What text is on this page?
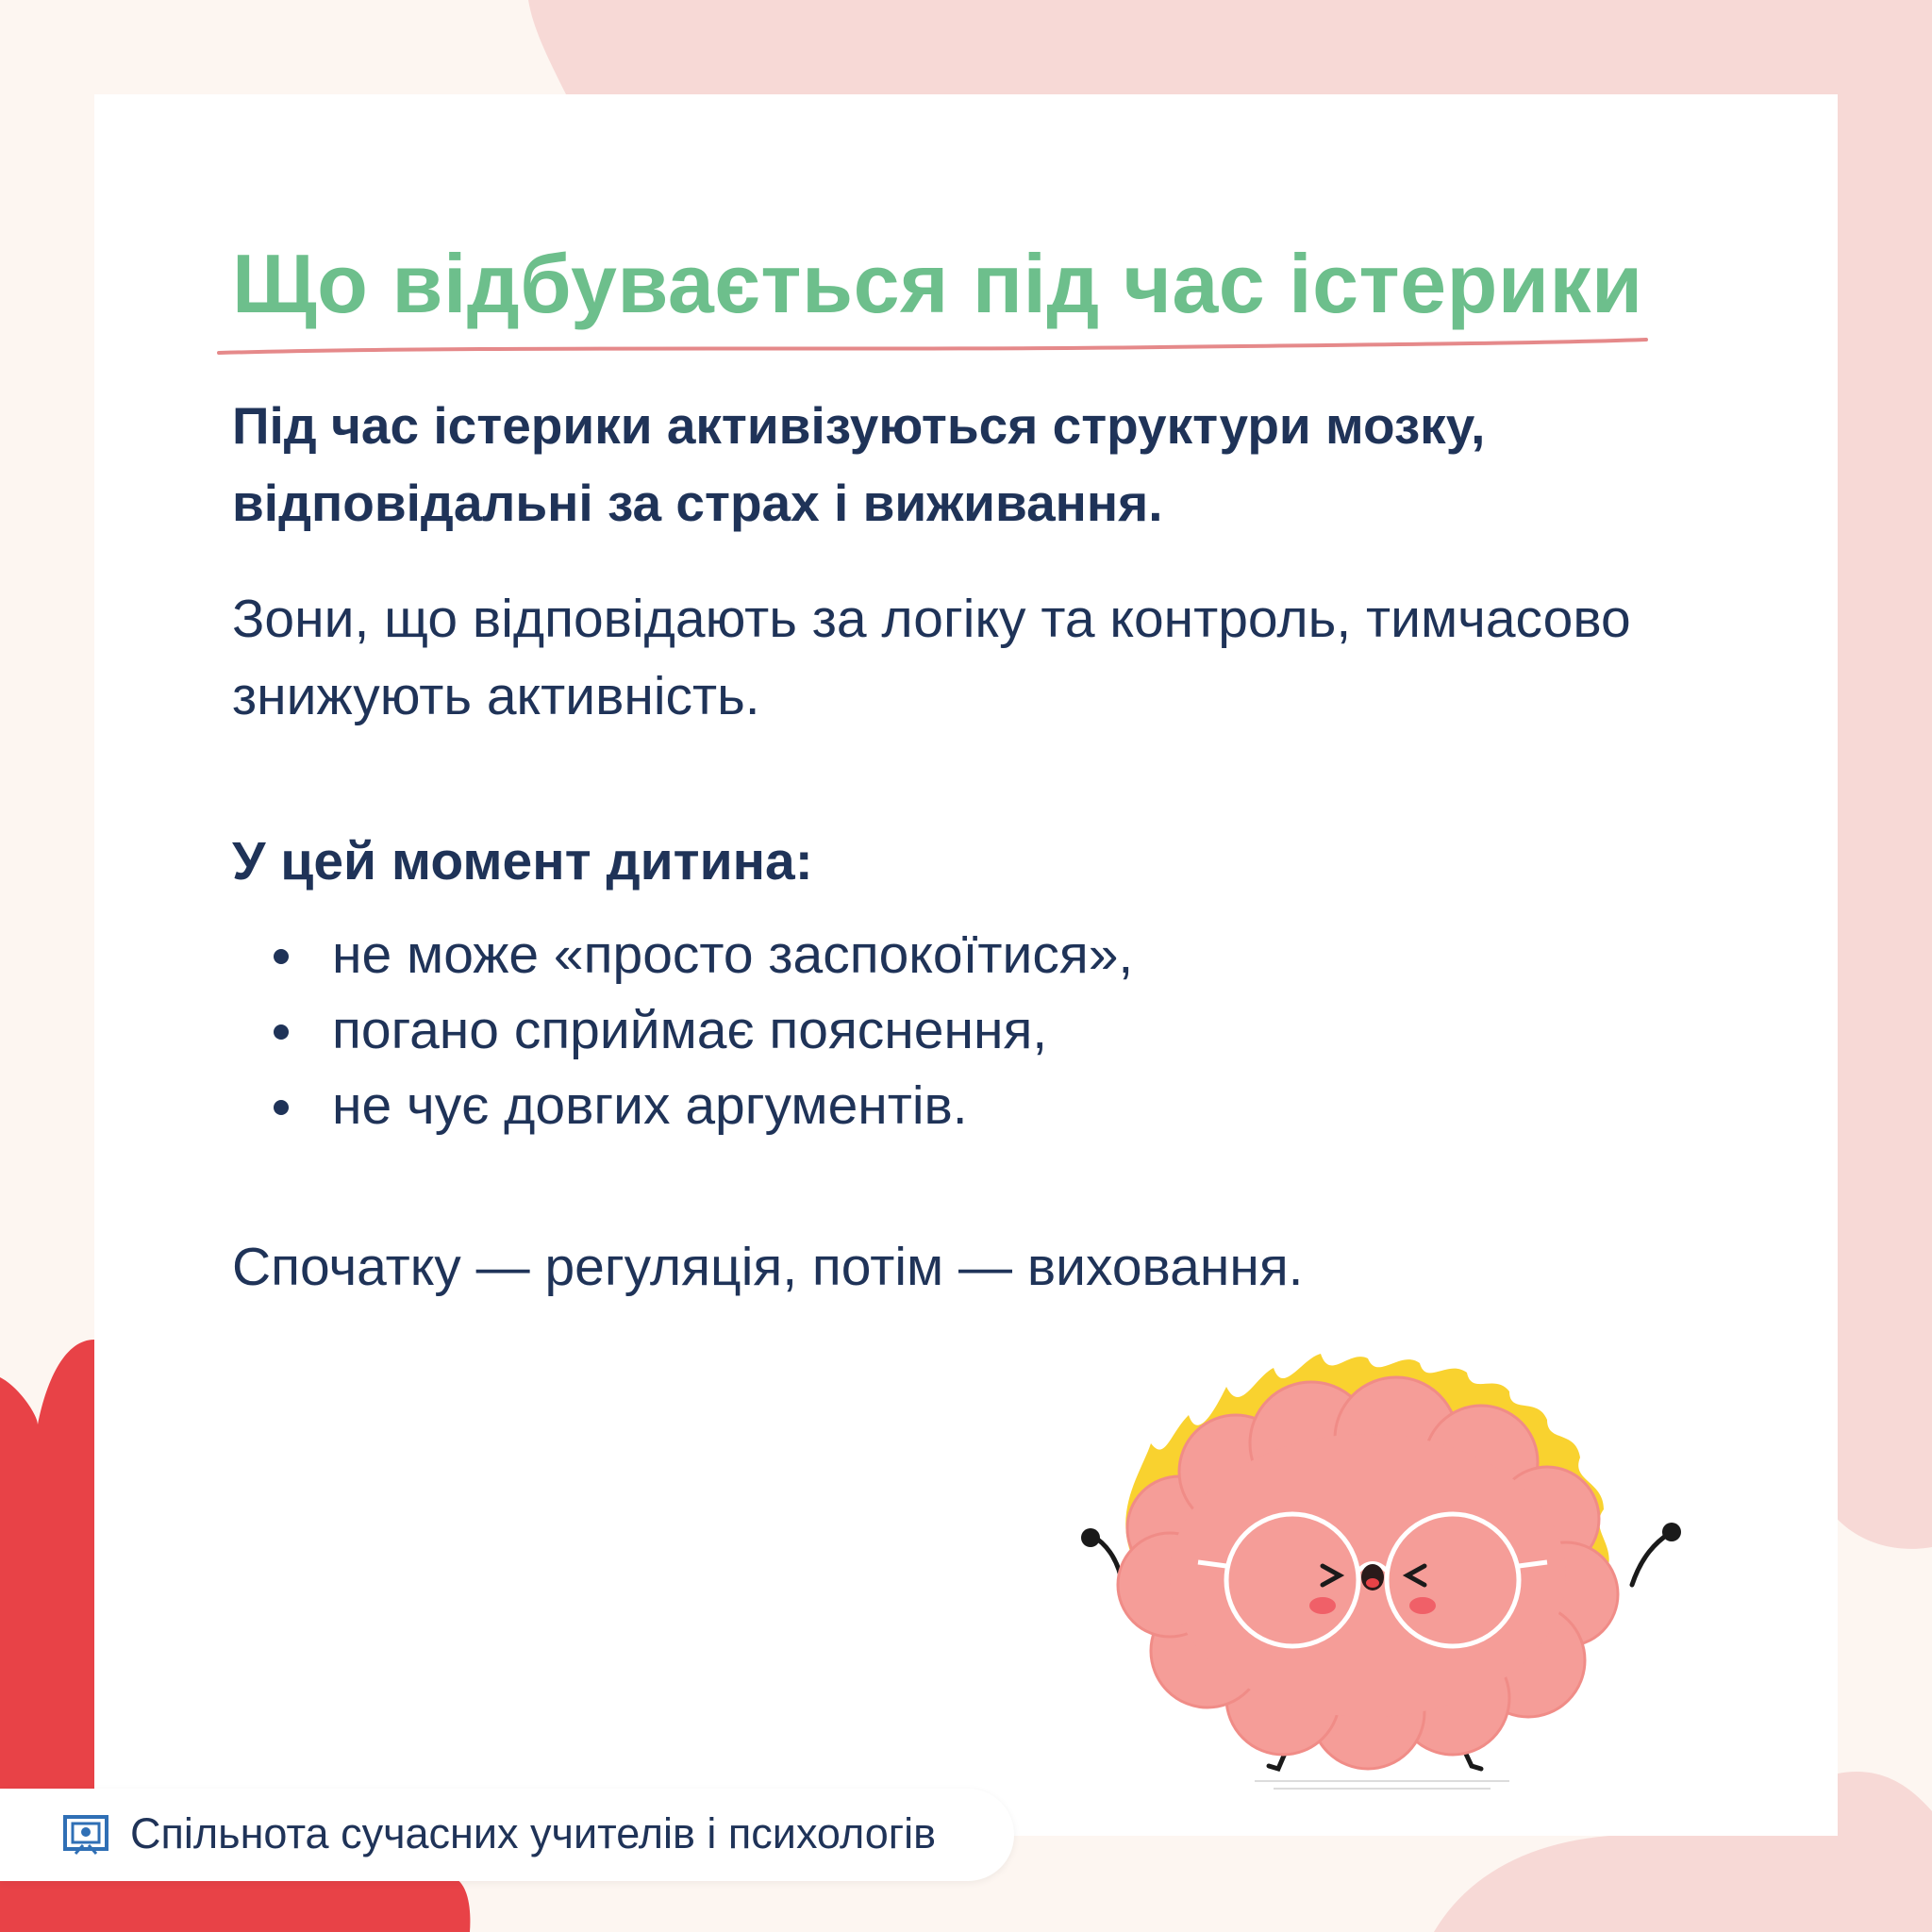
Що відбувається під час істерики

Під час істерики активізуються структури мозку, відповідальні за страх і виживання.

Зони, що відповідають за логіку та контроль, тимчасово знижують активність.

У цей момент дитина:

не може «просто заспокоїтися»,
погано сприймає пояснення,
не чує довгих аргументів.

Спочатку — регуляція, потім — виховання.

Спільнота сучасних учителів і психологів
